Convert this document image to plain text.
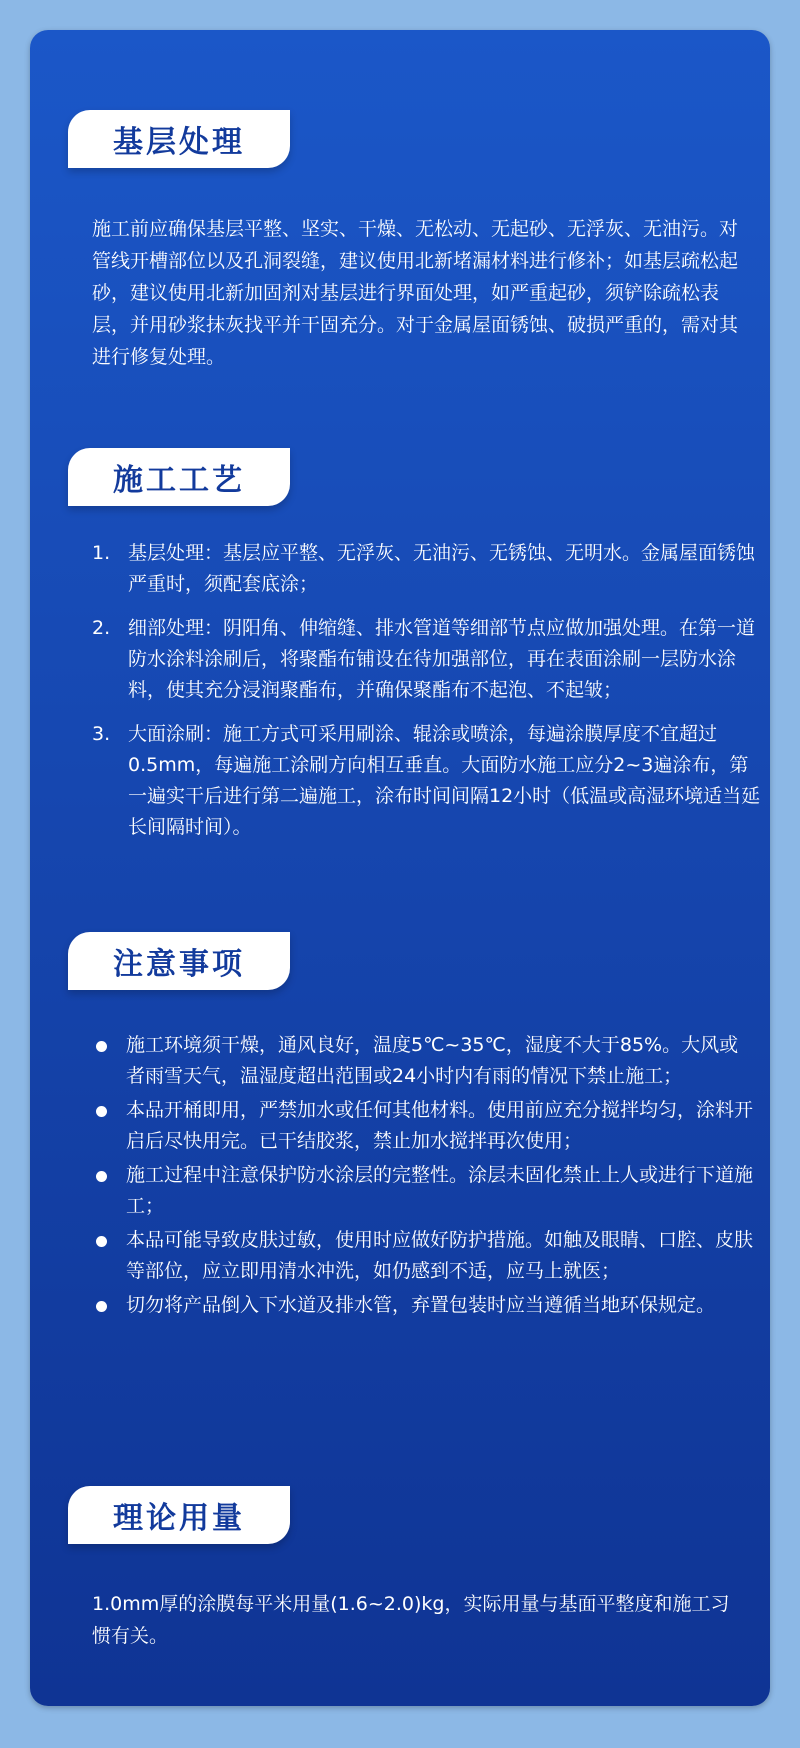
基层处理

施工前应确保基层平整、坚实、干燥、无松动、无起砂、无浮灰、无油污。对管线开槽部位以及孔洞裂缝，建议使用北新堵漏材料进行修补；如基层疏松起砂，建议使用北新加固剂对基层进行界面处理，如严重起砂，须铲除疏松表层，并用砂浆抹灰找平并干固充分。对于金属屋面锈蚀、破损严重的，需对其进行修复处理。

施工工艺
1. 基层处理：基层应平整、无浮灰、无油污、无锈蚀、无明水。金属屋面锈蚀严重时，须配套底涂；
2. 细部处理：阴阳角、伸缩缝、排水管道等细部节点应做加强处理。在第一道防水涂料涂刷后，将聚酯布铺设在待加强部位，再在表面涂刷一层防水涂料，使其充分浸润聚酯布，并确保聚酯布不起泡、不起皱；
3. 大面涂刷：施工方式可采用刷涂、辊涂或喷涂，每遍涂膜厚度不宜超过0.5mm，每遍施工涂刷方向相互垂直。大面防水施工应分2~3遍涂布，第一遍实干后进行第二遍施工，涂布时间间隔12小时（低温或高湿环境适当延长间隔时间）。
注意事项
施工环境须干燥，通风良好，温度5℃~35℃，湿度不大于85%。大风或者雨雪天气，温湿度超出范围或24小时内有雨的情况下禁止施工；
本品开桶即用，严禁加水或任何其他材料。使用前应充分搅拌均匀，涂料开启后尽快用完。已干结胶浆，禁止加水搅拌再次使用；
施工过程中注意保护防水涂层的完整性。涂层未固化禁止上人或进行下道施工；
本品可能导致皮肤过敏，使用时应做好防护措施。如触及眼睛、口腔、皮肤等部位，应立即用清水冲洗，如仍感到不适，应马上就医；
切勿将产品倒入下水道及排水管，弃置包装时应当遵循当地环保规定。
理论用量

1.0mm厚的涂膜每平米用量(1.6~2.0)kg，实际用量与基面平整度和施工习惯有关。
